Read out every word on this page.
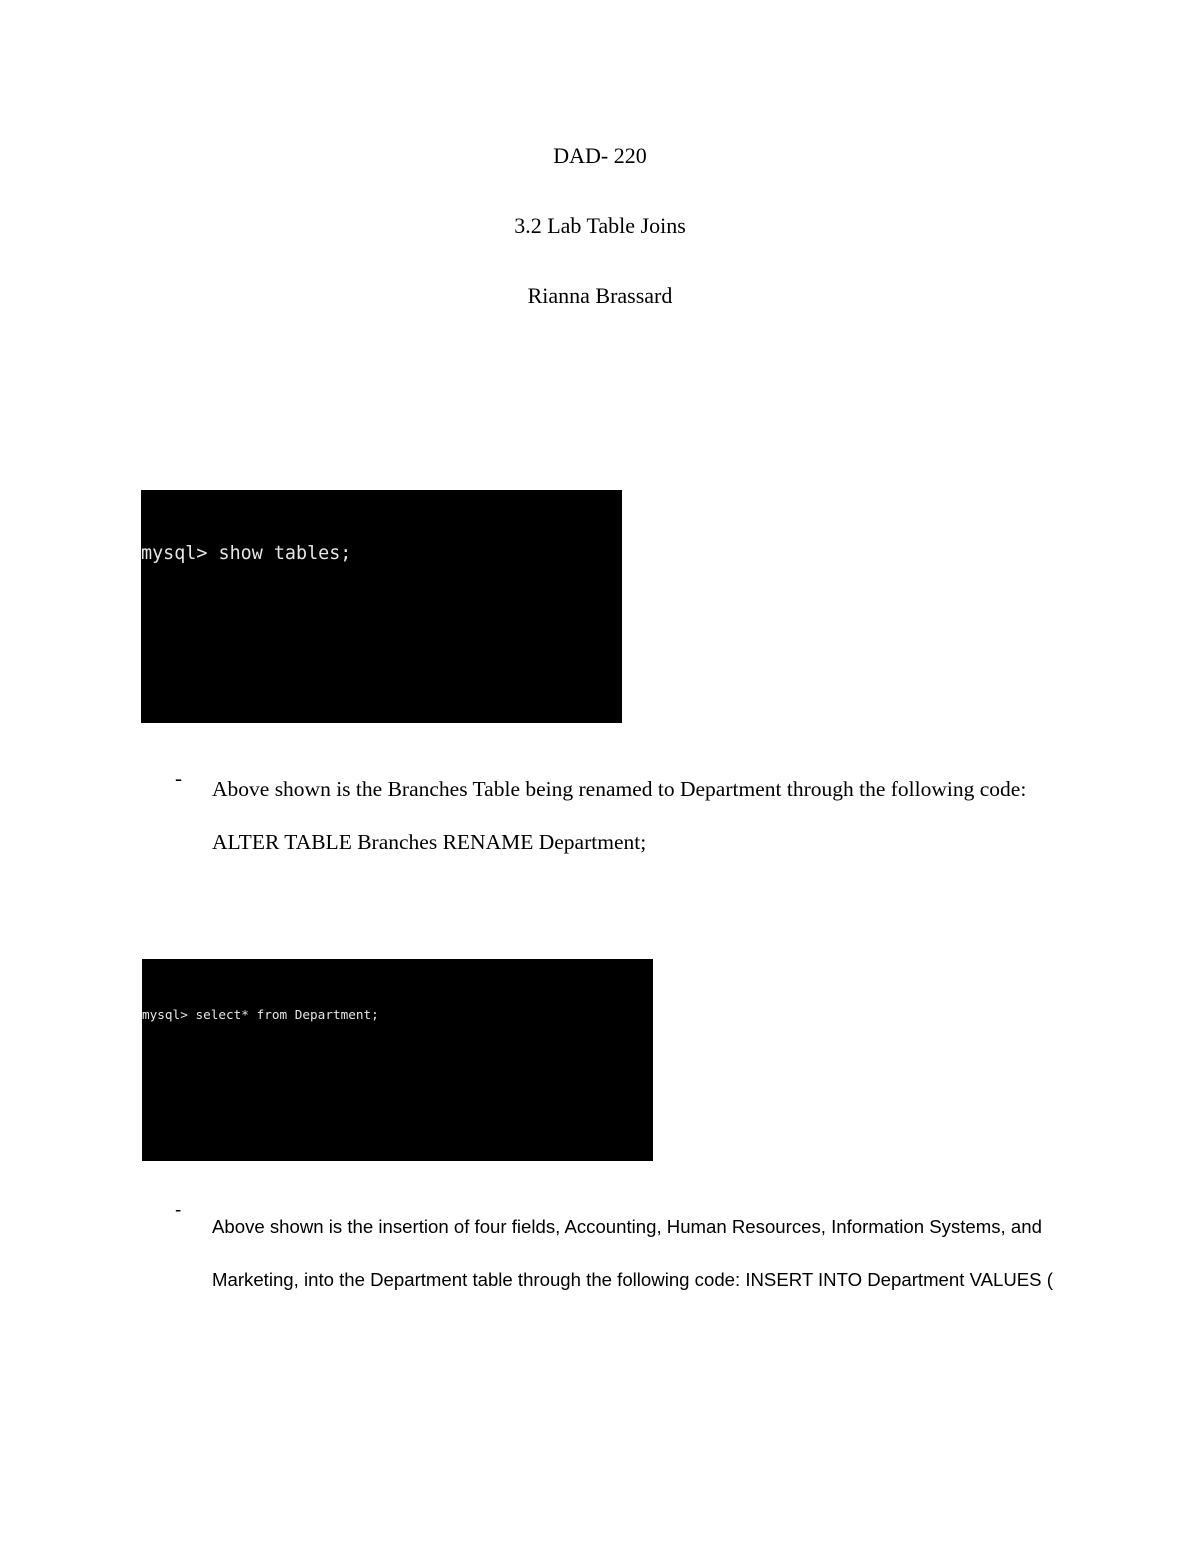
DAD- 220
3.2 Lab Table Joins
Rianna Brassard

mysql> show tables;

- Above shown is the Branches Table being renamed to Department through the following code: ALTER TABLE Branches RENAME Department;

mysql> select* from Department;

-
Above shown is the insertion of four fields, Accounting, Human Resources, Information Systems, and Marketing, into the Department table through the following code: INSERT INTO Department VALUES (
